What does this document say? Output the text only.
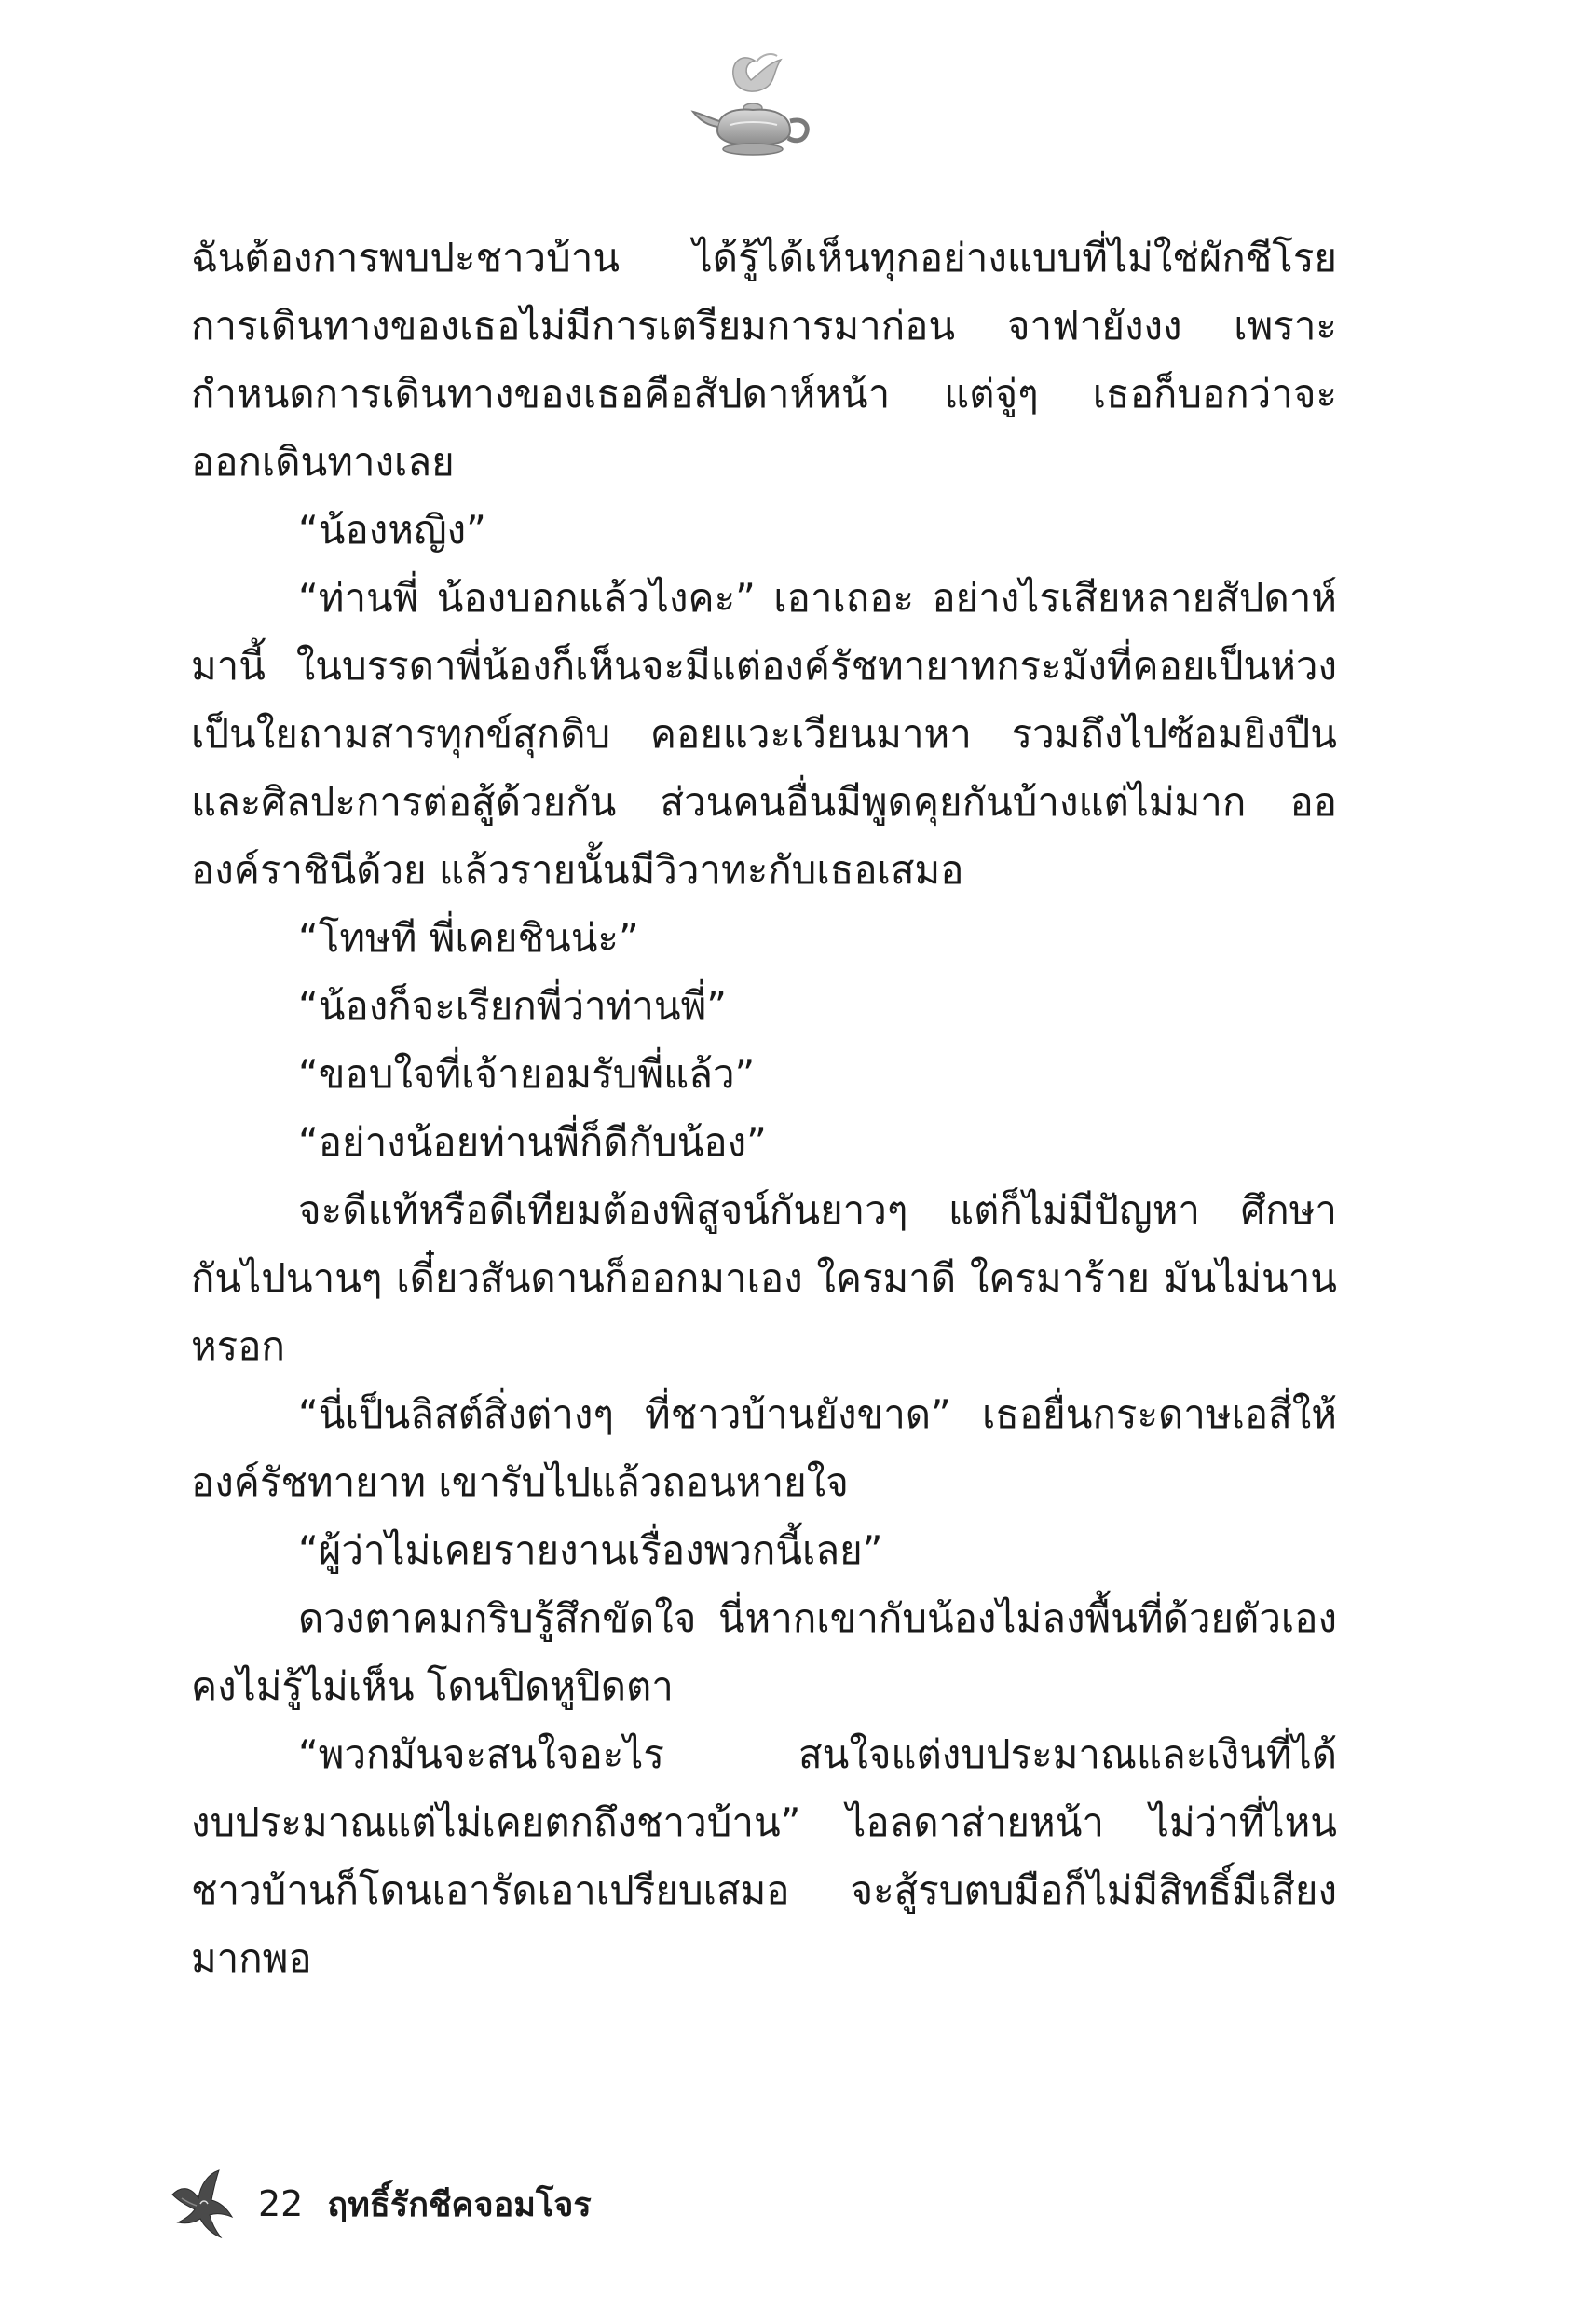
ฉันต้องการพบปะชาวบ้าน ได้รู้ได้เห็นทุกอย่างแบบที่ไม่ใช่ผักชีโรย
การเดินทางของเธอไม่มีการเตรียมการมาก่อน จาฟายังงง เพราะ
กำหนดการเดินทางของเธอคือสัปดาห์หน้า แต่จู่ๆ เธอก็บอกว่าจะ
ออกเดินทางเลย
“น้องหญิง”
“ท่านพี่ น้องบอกแล้วไงคะ” เอาเถอะ อย่างไรเสียหลายสัปดาห์
มานี้ ในบรรดาพี่น้องก็เห็นจะมีแต่องค์รัชทายาทกระมังที่คอยเป็นห่วง
เป็นใยถามสารทุกข์สุกดิบ คอยแวะเวียนมาหา รวมถึงไปซ้อมยิงปืน
และศิลปะการต่อสู้ด้วยกัน ส่วนคนอื่นมีพูดคุยกันบ้างแต่ไม่มาก ออ
องค์ราชินีด้วย แล้วรายนั้นมีวิวาทะกับเธอเสมอ
“โทษที พี่เคยชินน่ะ”
“น้องก็จะเรียกพี่ว่าท่านพี่”
“ขอบใจที่เจ้ายอมรับพี่แล้ว”
“อย่างน้อยท่านพี่ก็ดีกับน้อง”
จะดีแท้หรือดีเทียมต้องพิสูจน์กันยาวๆ แต่ก็ไม่มีปัญหา ศึกษา
กันไปนานๆ เดี๋ยวสันดานก็ออกมาเอง ใครมาดี ใครมาร้าย มันไม่นาน
หรอก
“นี่เป็นลิสต์สิ่งต่างๆ ที่ชาวบ้านยังขาด” เธอยื่นกระดาษเอสี่ให้
องค์รัชทายาท เขารับไปแล้วถอนหายใจ
“ผู้ว่าไม่เคยรายงานเรื่องพวกนี้เลย”
ดวงตาคมกริบรู้สึกขัดใจ นี่หากเขากับน้องไม่ลงพื้นที่ด้วยตัวเอง
คงไม่รู้ไม่เห็น โดนปิดหูปิดตา
“พวกมันจะสนใจอะไร สนใจแต่งบประมาณและเงินที่ได้
งบประมาณแต่ไม่เคยตกถึงชาวบ้าน” ไอลดาส่ายหน้า ไม่ว่าที่ไหน
ชาวบ้านก็โดนเอารัดเอาเปรียบเสมอ จะสู้รบตบมือก็ไม่มีสิทธิ์มีเสียง
มากพอ
22 ฤทธิ์รักชีคจอมโจร
